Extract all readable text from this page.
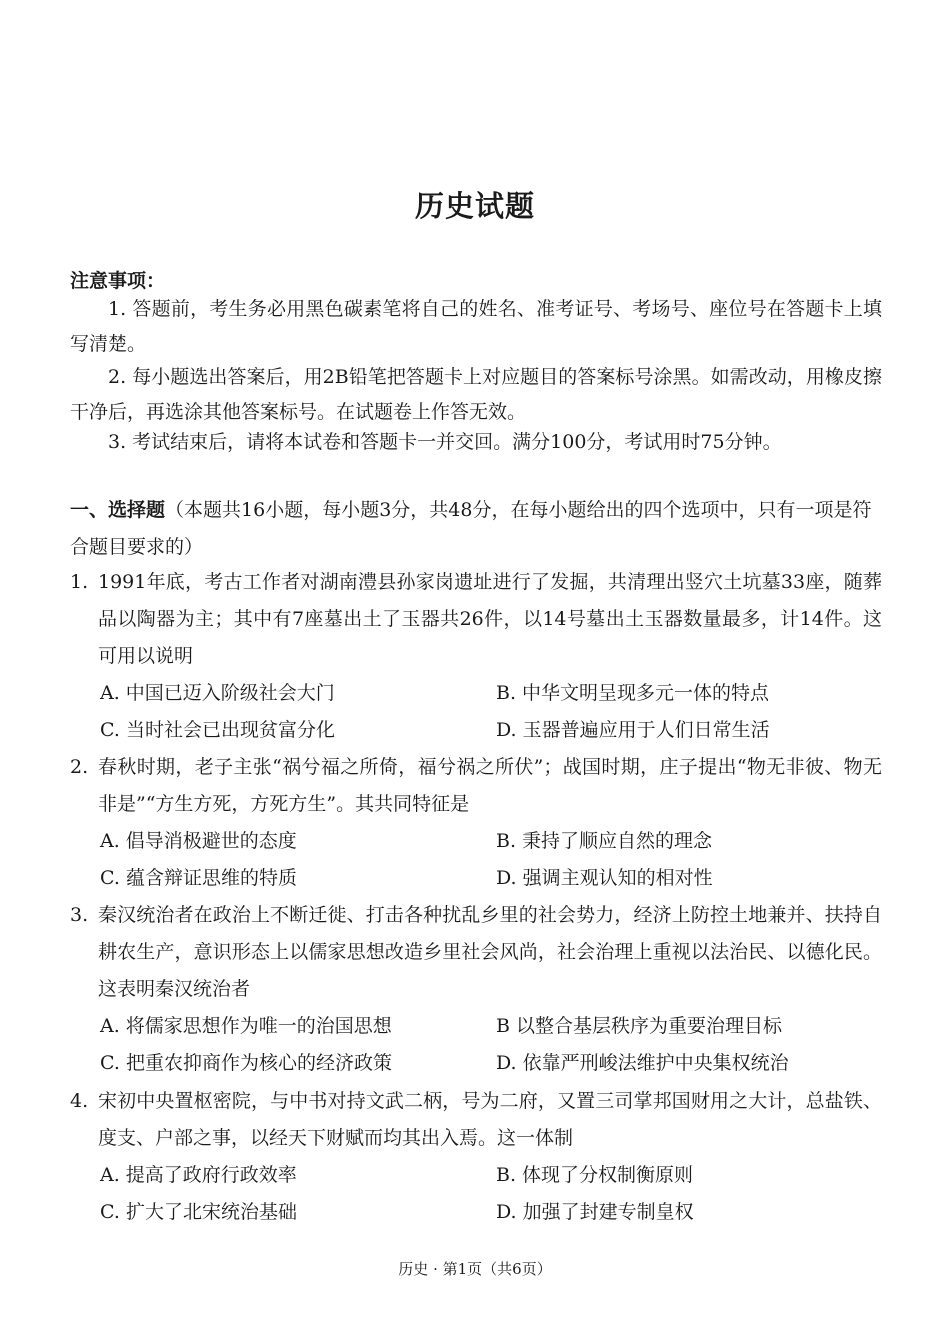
历史试题
注意事项：

1. 答题前，考生务必用黑色碳素笔将自己的姓名、准考证号、考场号、座位号在答题卡上填写清楚。

2. 每小题选出答案后，用2B铅笔把答题卡上对应题目的答案标号涂黑。如需改动，用橡皮擦干净后，再选涂其他答案标号。在试题卷上作答无效。

3. 考试结束后，请将本试卷和答题卡一并交回。满分100分，考试用时75分钟。

一、选择题（本题共16小题，每小题3分，共48分，在每小题给出的四个选项中，只有一项是符合题目要求的）

1. 1991年底，考古工作者对湖南澧县孙家岗遗址进行了发掘，共清理出竖穴土坑墓33座，随葬品以陶器为主；其中有7座墓出土了玉器共26件，以14号墓出土玉器数量最多，计14件。这可用以说明
A. 中国已迈入阶级社会大门	B. 中华文明呈现多元一体的特点
C. 当时社会已出现贫富分化	D. 玉器普遍应用于人们日常生活
2. 春秋时期，老子主张“祸兮福之所倚，福兮祸之所伏”；战国时期，庄子提出“物无非彼、物无非是”“方生方死，方死方生”。其共同特征是
A. 倡导消极避世的态度	B. 秉持了顺应自然的理念
C. 蕴含辩证思维的特质	D. 强调主观认知的相对性
3. 秦汉统治者在政治上不断迁徙、打击各种扰乱乡里的社会势力，经济上防控土地兼并、扶持自耕农生产，意识形态上以儒家思想改造乡里社会风尚，社会治理上重视以法治民、以德化民。这表明秦汉统治者
A. 将儒家思想作为唯一的治国思想	B 以整合基层秩序为重要治理目标
C. 把重农抑商作为核心的经济政策	D. 依靠严刑峻法维护中央集权统治
4. 宋初中央置枢密院，与中书对持文武二柄，号为二府，又置三司掌邦国财用之大计，总盐铁、度支、户部之事，以经天下财赋而均其出入焉。这一体制
A. 提高了政府行政效率	B. 体现了分权制衡原则
C. 扩大了北宋统治基础	D. 加强了封建专制皇权
历史 · 第1页（共6页）
